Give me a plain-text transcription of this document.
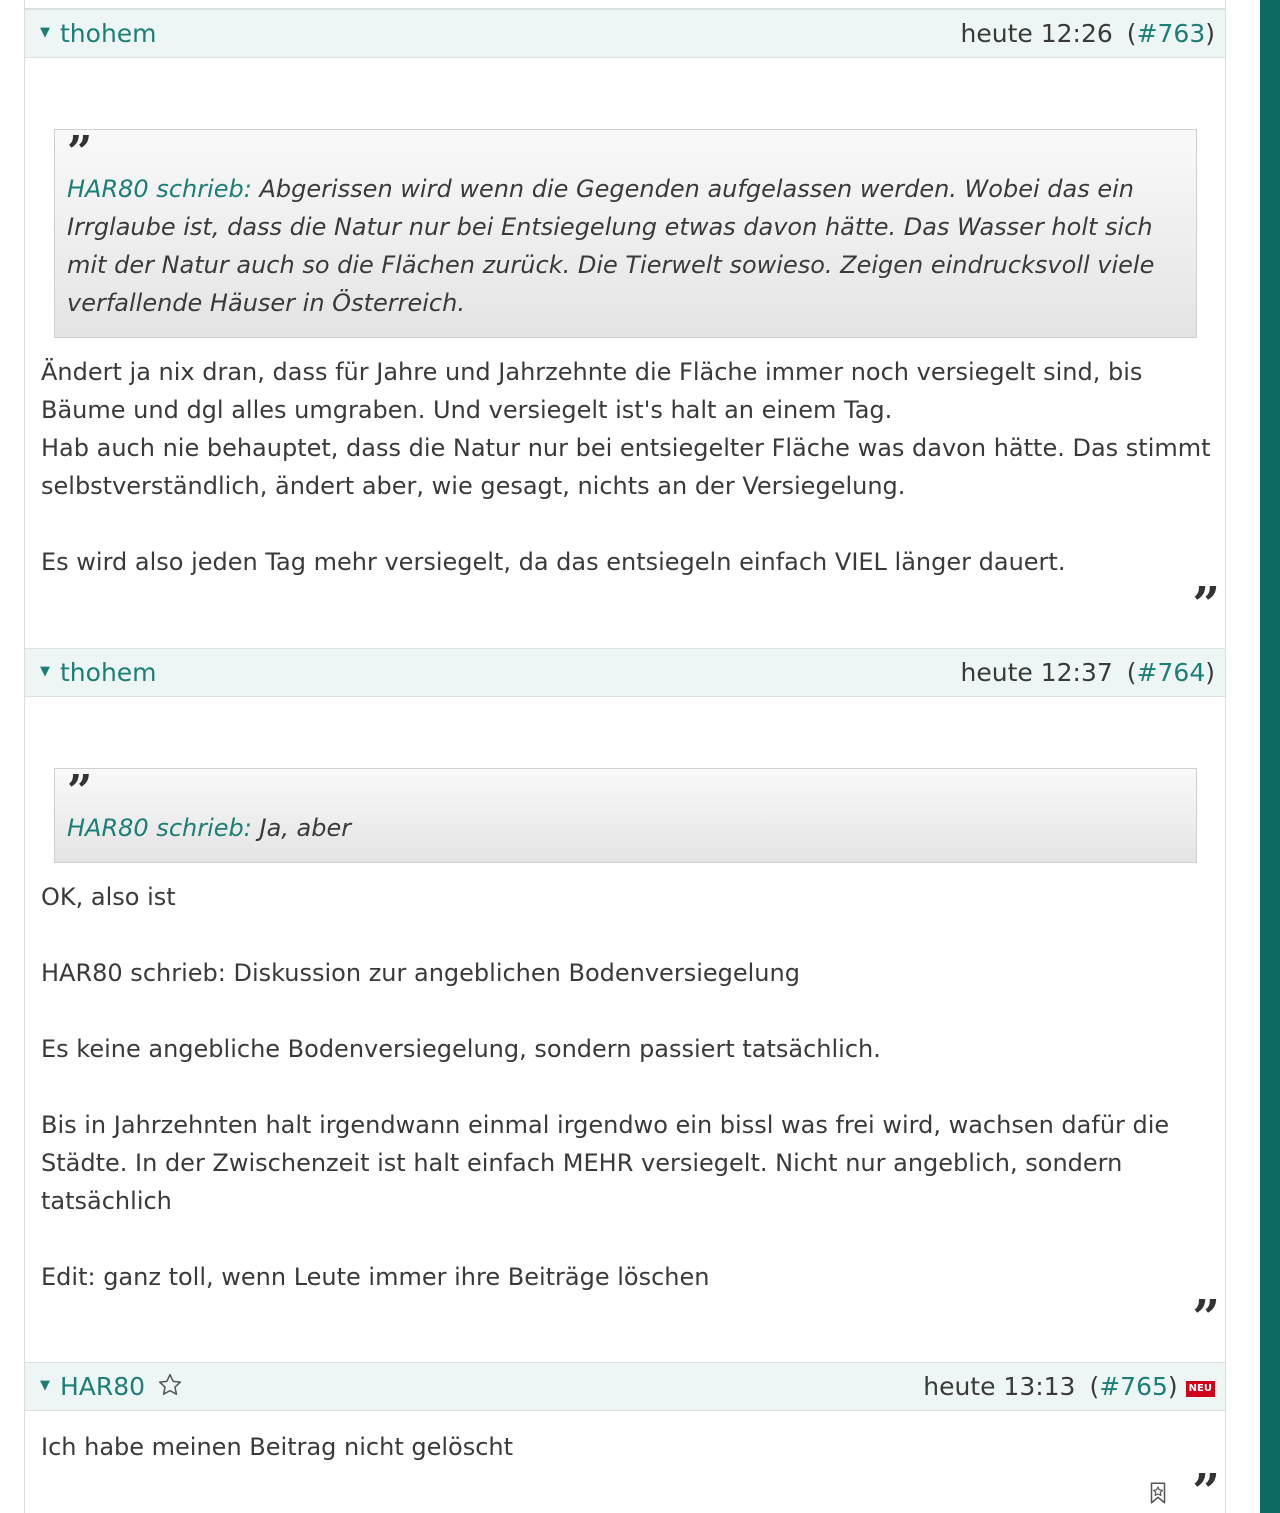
▼ thohem	heute 12:26 (#763)
”
HAR80 schrieb: Abgerissen wird wenn die Gegenden aufgelassen werden. Wobei das ein Irrglaube ist, dass die Natur nur bei Entsiegelung etwas davon hätte. Das Wasser holt sich mit der Natur auch so die Flächen zurück. Die Tierwelt sowieso. Zeigen eindrucksvoll viele verfallende Häuser in Österreich.

Ändert ja nix dran, dass für Jahre und Jahrzehnte die Fläche immer noch versiegelt sind, bis Bäume und dgl alles umgraben. Und versiegelt ist's halt an einem Tag.

Hab auch nie behauptet, dass die Natur nur bei entsiegelter Fläche was davon hätte. Das stimmt selbstverständlich, ändert aber, wie gesagt, nichts an der Versiegelung.

Es wird also jeden Tag mehr versiegelt, da das entsiegeln einfach VIEL länger dauert.

”
▼ thohem	heute 12:37 (#764)
”
HAR80 schrieb: Ja, aber

OK, also ist

HAR80 schrieb: Diskussion zur angeblichen Bodenversiegelung

Es keine angebliche Bodenversiegelung, sondern passiert tatsächlich.

Bis in Jahrzehnten halt irgendwann einmal irgendwo ein bissl was frei wird, wachsen dafür die Städte. In der Zwischenzeit ist halt einfach MEHR versiegelt. Nicht nur angeblich, sondern tatsächlich

Edit: ganz toll, wenn Leute immer ihre Beiträge löschen

”
▼ HAR80	heute 13:13 (#765)	NEU

Ich habe meinen Beitrag nicht gelöscht

”
